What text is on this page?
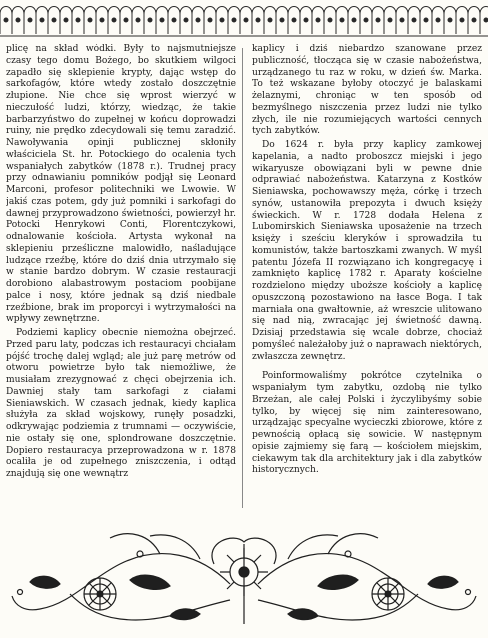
plicę na skład wódki. Były to najsmutniejsze czasy tego domu Bożego, bo skutkiem wilgoci zapadło się sklepienie krypty, dając wstęp do sarkofagów, które wtedy zostało doszczętnie złupione. Nie chce się wprost wierzyć w nieczułość ludzi, którzy, wiedząc, że takie barbarzyństwo do zupełnej w końcu doprowadzi ruiny, nie prędko zdecydowali się temu zaradzić. Nawoływania opinji publicznej skłoniły właściciela St. hr. Potockiego do ocalenia tych wspaniałych zabytków (1878 r.). Trudnej pracy przy odnawianiu pomników podjął się Leonard Marconi, profesor politechniki we Lwowie. W jakiś czas potem, gdy już pomniki i sarkofagi do dawnej przyprowadzono świetności, powierzył hr. Potocki Henrykowi Conti, Florentczykowi, odnalowanie kościoła. Artysta wykonał na sklepieniu prześliczne malowidło, naśladujące ludzące rzeźbę, które do dziś dnia utrzymało się w stanie bardzo dobrym. W czasie restauracji dorobiono alabastrowym postaciom poobijane palce i nosy, które jednak są dziś niedbale rzeźbione, brak im proporcyi i wytrzymałości na wpływy zewnętrzne.

Podziemi kaplicy obecnie niemożna obejrzeć. Przed paru laty, podczas ich restauracyi chciałam pójść trochę dalej wgląd; ale już parę metrów od otworu powietrze było tak niemożliwe, że musiałam zrezygnować z chęci obejrzenia ich. Dawniej stały tam sarkofagi z ciałami Sieniawskich. W czasach jednak, kiedy kaplica służyła za skład wojskowy, runęły posadzki, odkrywając podziemia z trumnami — oczywiście, nie ostały się one, splondrowane doszczętnie. Dopiero restauracya przeprowadzona w r. 1878 ocaliła je od zupełnego zniszczenia, i odtąd znajdują się one wewnątrz

kaplicy i dziś niebardzo szanowane przez publiczność, tłocząca się w czasie nabożeństwa, urządzanego tu raz w roku, w dzień św. Marka. To też wskazane byłoby otoczyć je balaskami żelaznymi, chroniąc w ten sposób od bezmyślnego niszczenia przez ludzi nie tylko złych, ile nie rozumiejących wartości cennych tych zabytków.

Do 1624 r. była przy kaplicy zamkowej kapelania, a nadto proboszcz miejski i jego wikaryusze obowiązani byli w pewne dnie odprawiać nabożeństwa. Katarzyna z Kostków Sieniawska, pochowawszy męża, córkę i trzech synów, ustanowiła prepozyta i dwuch księży świeckich. W r. 1728 dodała Helena z Lubomirskich Sieniawska uposażenie na trzech księży i sześciu kleryków i sprowadziła tu komunistów, także bartoszkami zwanych. W myśl patentu Józefa II rozwiązano ich kongregacyę i zamknięto kaplicę 1782 r. Aparaty kościelne rozdzielono między uboższe kościoły a kaplicę opuszczoną pozostawiono na łasce Boga. I tak marniała ona gwałtownie, aż wreszcie ulitowano się nad nią, zwracając jej świetność dawną. Dzisiaj przedstawia się wcale dobrze, chociaż pomyśleć należałoby już o naprawach niektórych, zwłaszcza zewnętrz.

Poinformowaliśmy pokrótce czytelnika o wspaniałym tym zabytku, ozdobą nie tylko Brzeżan, ale całej Polski i życzylibyśmy sobie tylko, by więcej się nim zainteresowano, urządzając specyalne wycieczki zbiorowe, które z pewnością opłacą się sowicie. W następnym opisie zajmiemy się farą — kościołem miejskim, ciekawym tak dla architektury jak i dla zabytków historycznych.
